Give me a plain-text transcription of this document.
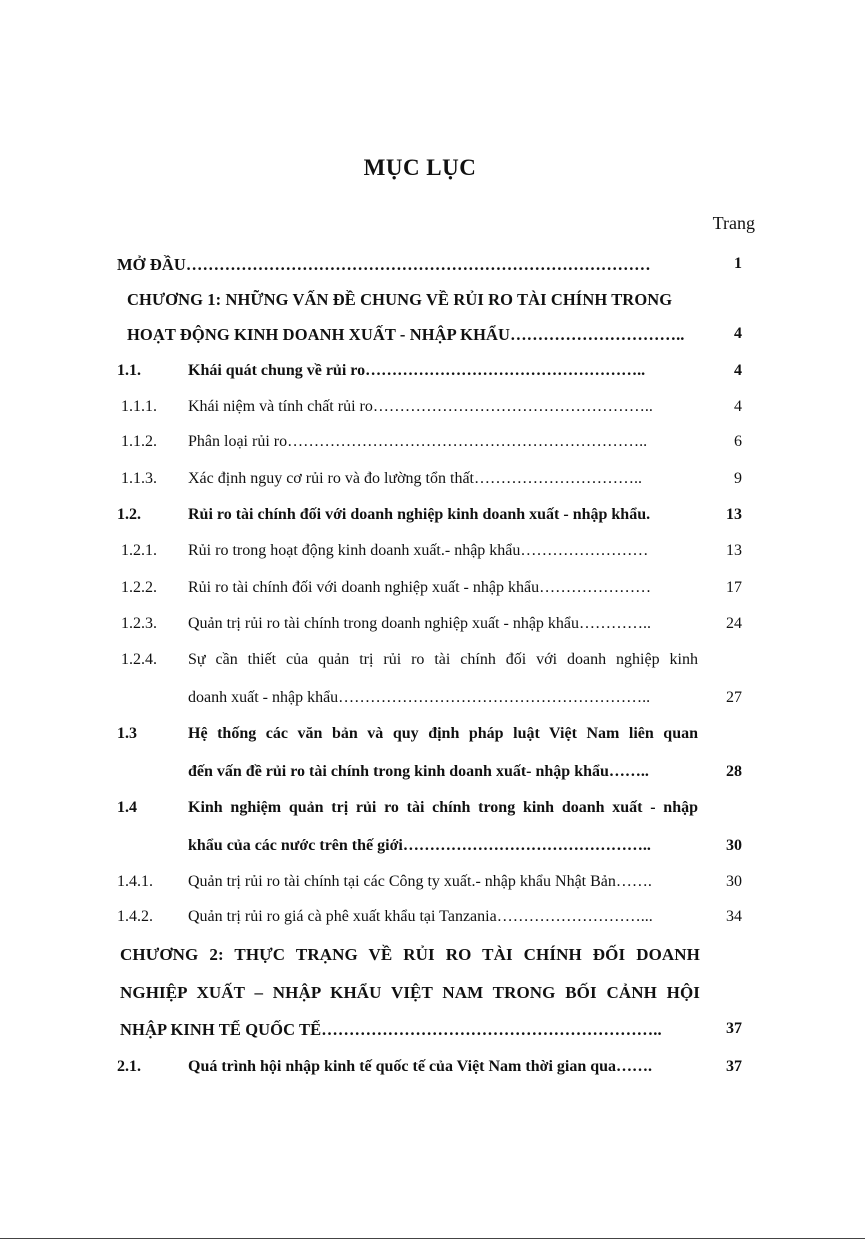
MỤC LỤC
Trang
MỞ ĐẦU…………………………………………………………………………	1
CHƯƠNG 1: NHỮNG VẤN ĐỀ CHUNG VỀ RỦI RO TÀI CHÍNH TRONG
HOẠT ĐỘNG KINH DOANH XUẤT - NHẬP KHẨU…………………………..	4
1.1.	Khái quát chung về rủi ro……………………………………………..	4
1.1.1. Khái niệm và tính chất rủi ro……………………………………………..	4
1.1.2. Phân loại rủi ro…………………………………………………………..	6
1.1.3. Xác định nguy cơ rủi ro và đo lường tổn thất…………………………..	9
1.2.	Rủi ro tài chính đối với doanh nghiệp kinh doanh xuất - nhập khẩu.	13
1.2.1. Rủi ro trong hoạt động kinh doanh xuất.- nhập khẩu……………………	13
1.2.2. Rủi ro tài chính đối với doanh nghiệp xuất - nhập khẩu…………………	17
1.2.3. Quản trị rủi ro tài chính trong doanh nghiệp xuất - nhập khẩu…………..	24
1.2.4. Sự cần thiết của quản trị rủi ro tài chính đối với doanh nghiệp kinh
doanh xuất - nhập khẩu…………………………………………………..	27
1.3	Hệ thống các văn bản và quy định pháp luật Việt Nam liên quan
đến vấn đề rủi ro tài chính trong kinh doanh xuất- nhập khẩu……..	28
1.4	Kinh nghiệm quản trị rủi ro tài chính trong kinh doanh xuất - nhập
khẩu của các nước trên thế giới………………………………………..	30
1.4.1. Quản trị rủi ro tài chính tại các Công ty xuất.- nhập khẩu Nhật Bản…….	30
1.4.2. Quản trị rủi ro giá cà phê xuất khẩu tại Tanzania………………………...	34
CHƯƠNG 2: THỰC TRẠNG VỀ RỦI RO TÀI CHÍNH ĐỐI DOANH
NGHIỆP XUẤT – NHẬP KHẨU VIỆT NAM TRONG BỐI CẢNH HỘI
NHẬP KINH TẾ QUỐC TẾ……………………………………………………..	37
2.1.	Quá trình hội nhập kinh tế quốc tế của Việt Nam thời gian qua…….	37
